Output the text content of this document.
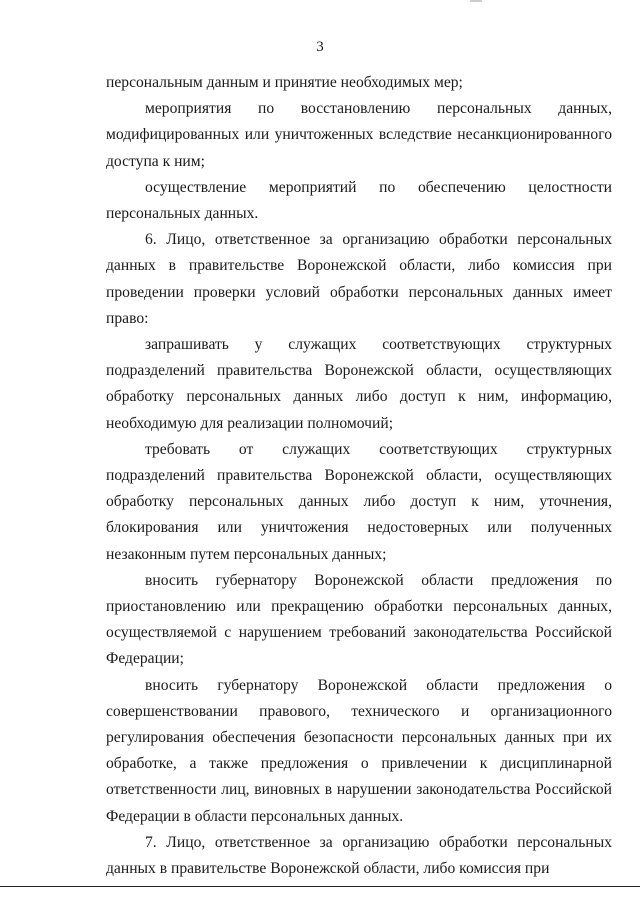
3

персональным данным и принятие необходимых мер;

мероприятия по восстановлению персональных данных, модифицированных или уничтоженных вследствие несанкционированного доступа к ним;

осуществление мероприятий по обеспечению целостности персональных данных.

6. Лицо, ответственное за организацию обработки персональных данных в правительстве Воронежской области, либо комиссия при проведении проверки условий обработки персональных данных имеет право:

запрашивать у служащих соответствующих структурных подразделений правительства Воронежской области, осуществляющих обработку персональных данных либо доступ к ним, информацию, необходимую для реализации полномочий;

требовать от служащих соответствующих структурных подразделений правительства Воронежской области, осуществляющих обработку персональных данных либо доступ к ним, уточнения, блокирования или уничтожения недостоверных или полученных незаконным путем персональных данных;

вносить губернатору Воронежской области предложения по приостановлению или прекращению обработки персональных данных, осуществляемой с нарушением требований законодательства Российской Федерации;

вносить губернатору Воронежской области предложения о совершенствовании правового, технического и организационного регулирования обеспечения безопасности персональных данных при их обработке, а также предложения о привлечении к дисциплинарной ответственности лиц, виновных в нарушении законодательства Российской Федерации в области персональных данных.

7. Лицо, ответственное за организацию обработки персональных данных в правительстве Воронежской области, либо комиссия при
